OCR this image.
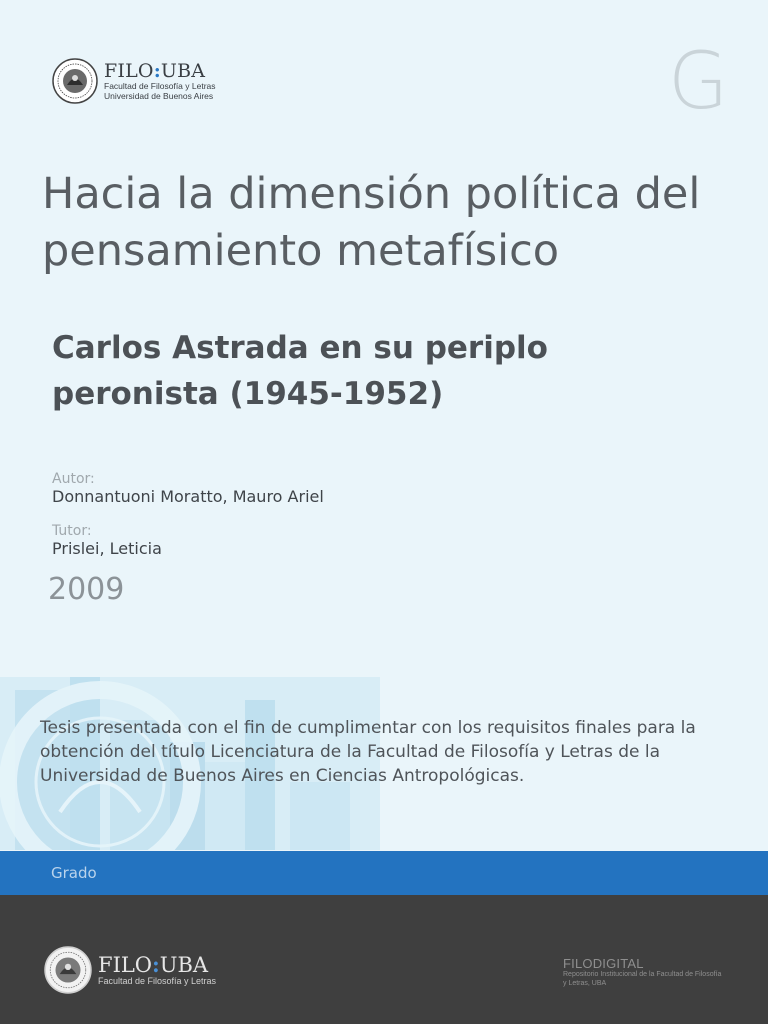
FILO:UBA
Facultad de Filosofía y Letras
Universidad de Buenos Aires	G
Hacia la dimensión política del pensamiento metafísico
Carlos Astrada en su periplo peronista (1945-1952)
Autor:
Donnantuoni Moratto, Mauro Ariel
Tutor:
Prislei, Leticia
2009

Tesis presentada con el fin de cumplimentar con los requisitos finales para la obtención del título Licenciatura de la Facultad de Filosofía y Letras de la Universidad de Buenos Aires en Ciencias Antropológicas.

Grado
FILO:UBA
Facultad de Filosofía y Letras
FILODIGITAL
Repositorio Institucional de la Facultad de Filosofía y Letras, UBA
